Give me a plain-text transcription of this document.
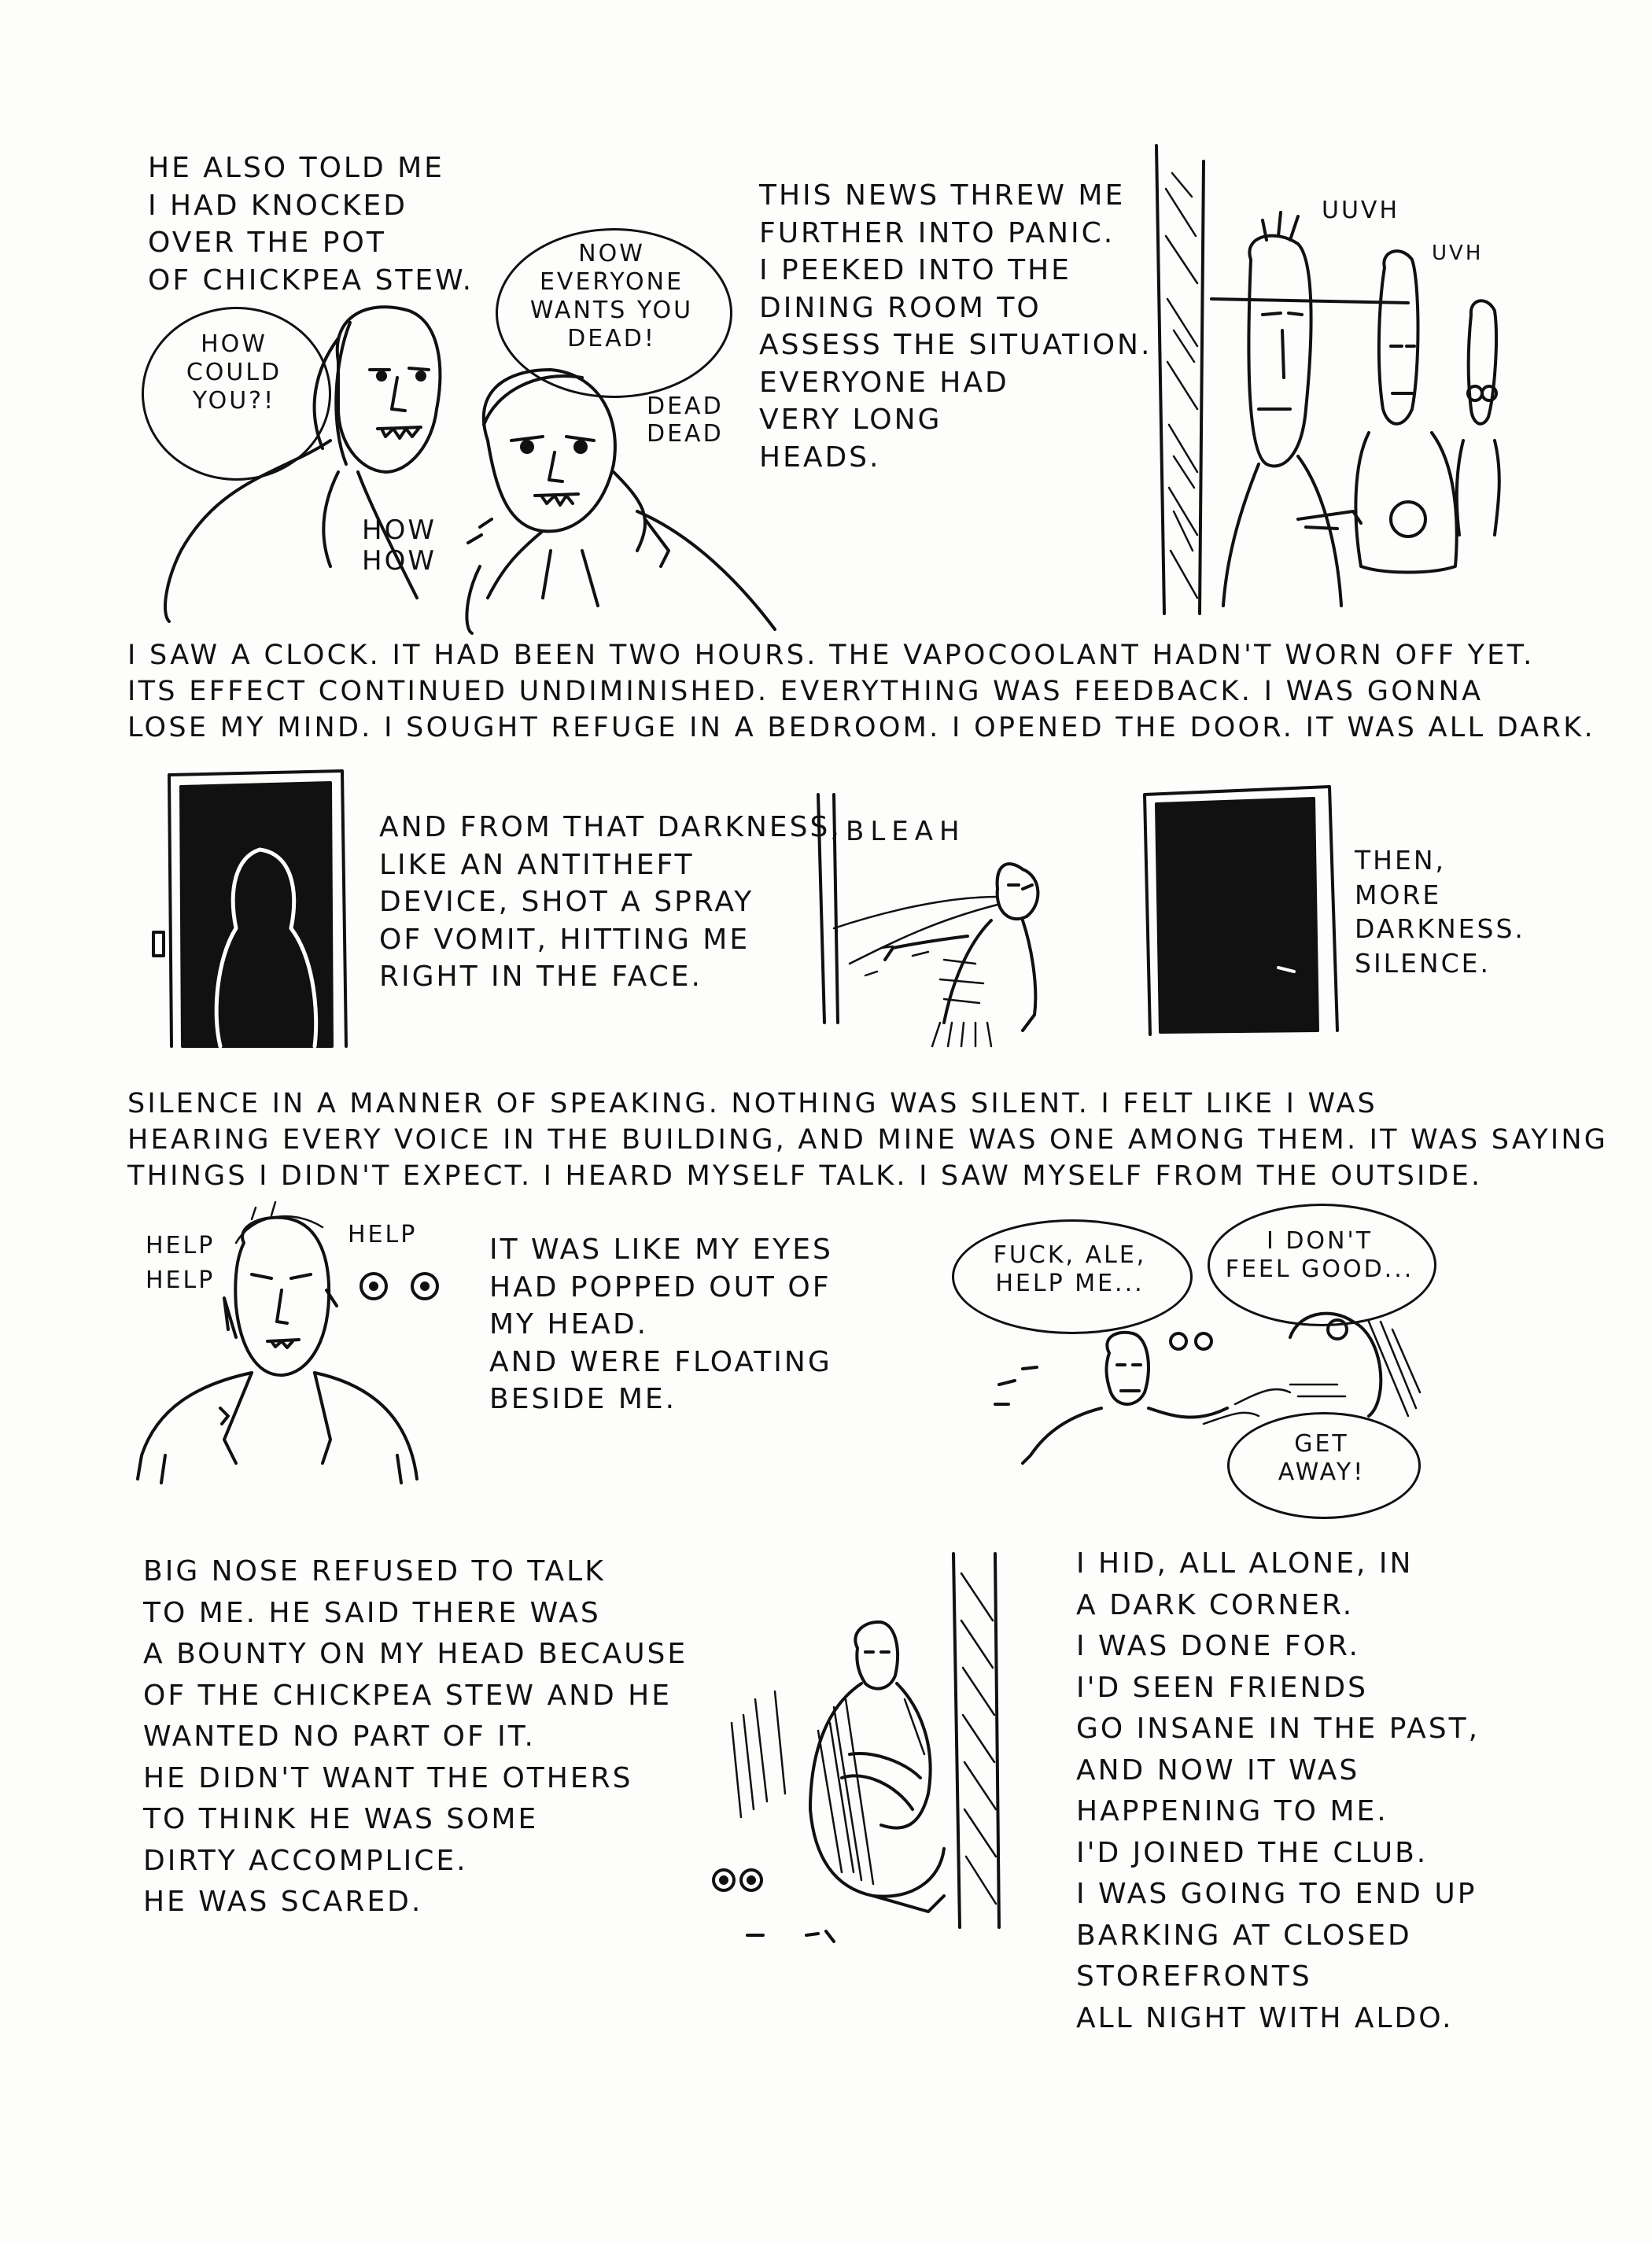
HE ALSO TOLD ME
I HAD KNOCKED
OVER THE POT
OF CHICKPEA STEW.
HOW
COULD
YOU?!
NOW
EVERYONE
WANTS YOU
DEAD!
DEAD
DEAD
HOW
HOW
THIS NEWS THREW ME
FURTHER INTO PANIC.
I PEEKED INTO THE
DINING ROOM TO
ASSESS THE SITUATION.
EVERYONE HAD
VERY LONG
HEADS.
UUVH
UVH
I SAW A CLOCK. IT HAD BEEN TWO HOURS. THE VAPOCOOLANT HADN'T WORN OFF YET.
ITS EFFECT CONTINUED UNDIMINISHED. EVERYTHING WAS FEEDBACK. I WAS GONNA
LOSE MY MIND. I SOUGHT REFUGE IN A BEDROOM. I OPENED THE DOOR. IT WAS ALL DARK.
AND FROM THAT DARKNESS,
LIKE AN ANTITHEFT
DEVICE, SHOT A SPRAY
OF VOMIT, HITTING ME
RIGHT IN THE FACE.
BLEAH
THEN,
MORE
DARKNESS.
SILENCE.
SILENCE IN A MANNER OF SPEAKING. NOTHING WAS SILENT. I FELT LIKE I WAS
HEARING EVERY VOICE IN THE BUILDING, AND MINE WAS ONE AMONG THEM. IT WAS SAYING
THINGS I DIDN'T EXPECT. I HEARD MYSELF TALK. I SAW MYSELF FROM THE OUTSIDE.
HELP
HELP
HELP	IT WAS LIKE MY EYES
HAD POPPED OUT OF
MY HEAD.
AND WERE FLOATING
BESIDE ME.
FUCK, ALE,
HELP ME...
I DON'T
FEEL GOOD...
GET
AWAY!
BIG NOSE REFUSED TO TALK
TO ME. HE SAID THERE WAS
A BOUNTY ON MY HEAD BECAUSE
OF THE CHICKPEA STEW AND HE
WANTED NO PART OF IT.
HE DIDN'T WANT THE OTHERS
TO THINK HE WAS SOME
DIRTY ACCOMPLICE.
HE WAS SCARED.
I HID, ALL ALONE, IN
A DARK CORNER.
I WAS DONE FOR.
I'D SEEN FRIENDS
GO INSANE IN THE PAST,
AND NOW IT WAS
HAPPENING TO ME.
I'D JOINED THE CLUB.
I WAS GOING TO END UP
BARKING AT CLOSED
STOREFRONTS
ALL NIGHT WITH ALDO.
